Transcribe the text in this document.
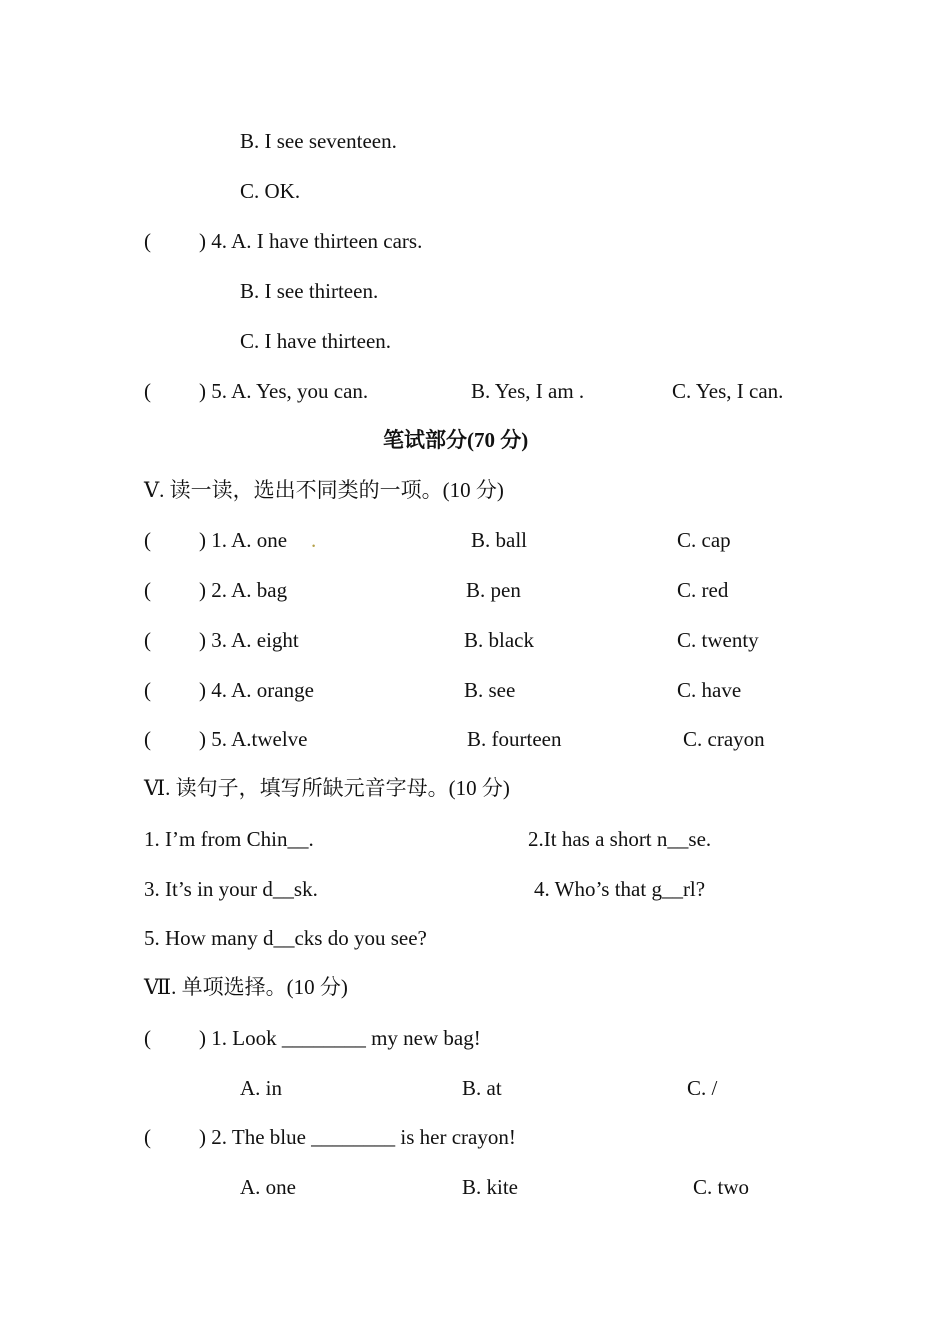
B. I see seventeen.
C. OK.
( ) 4. A. I have thirteen cars.
B. I see thirteen.
C. I have thirteen.
( ) 5. A. Yes, you can.	B. Yes, I am .	C. Yes, I can.
笔试部分(70 分)
Ⅴ. 读一读，选出不同类的一项。(10 分)
( ) 1. A. one .	B. ball	C. cap
( ) 2. A. bag	B. pen	C. red
( ) 3. A. eight	B. black	C. twenty
( ) 4. A. orange	B. see	C. have
( ) 5. A.twelve	B. fourteen	C. crayon
Ⅵ. 读句子，填写所缺元音字母。(10 分)
1. I’m from Chin__.	2.It has a short n__se.
3. It’s in your d__sk.	4. Who’s that g__rl?
5. How many d__cks do you see?
Ⅶ. 单项选择。(10 分)
( ) 1. Look ________ my new bag!
A. in	B. at	C. /
( ) 2. The blue ________ is her crayon!
A. one	B. kite	C. two
